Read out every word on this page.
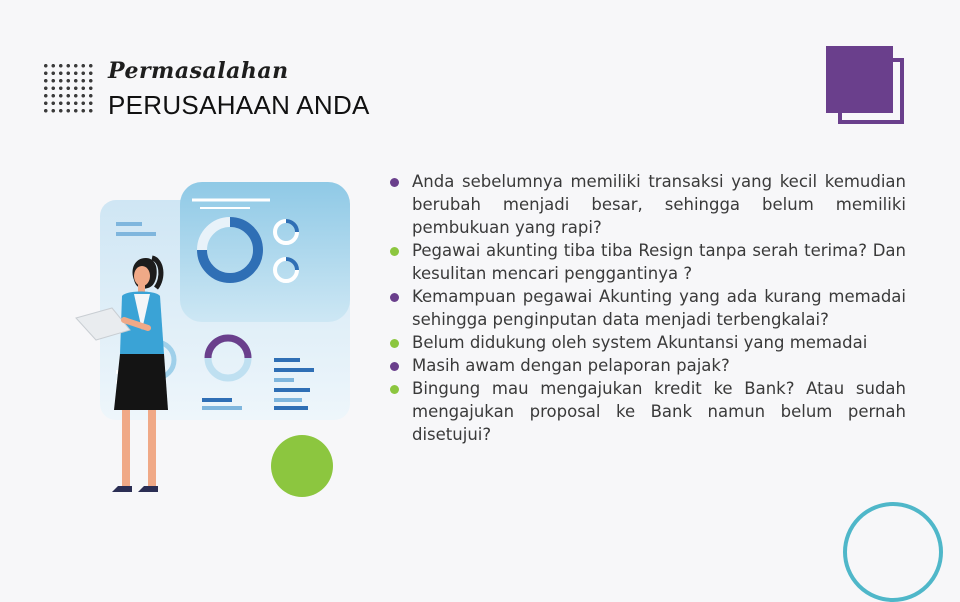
Permasalahan
PERUSAHAAN ANDA
Anda sebelumnya memiliki transaksi yang kecil kemudian berubah menjadi besar, sehingga belum memiliki pembukuan yang rapi?
Pegawai akunting tiba tiba Resign tanpa serah terima? Dan kesulitan mencari penggantinya ?
Kemampuan pegawai Akunting yang ada kurang memadai sehingga penginputan data menjadi terbengkalai?
Belum didukung oleh system Akuntansi yang memadai
Masih awam dengan pelaporan pajak?
Bingung mau mengajukan kredit ke Bank? Atau sudah mengajukan proposal ke Bank namun belum pernah disetujui?
